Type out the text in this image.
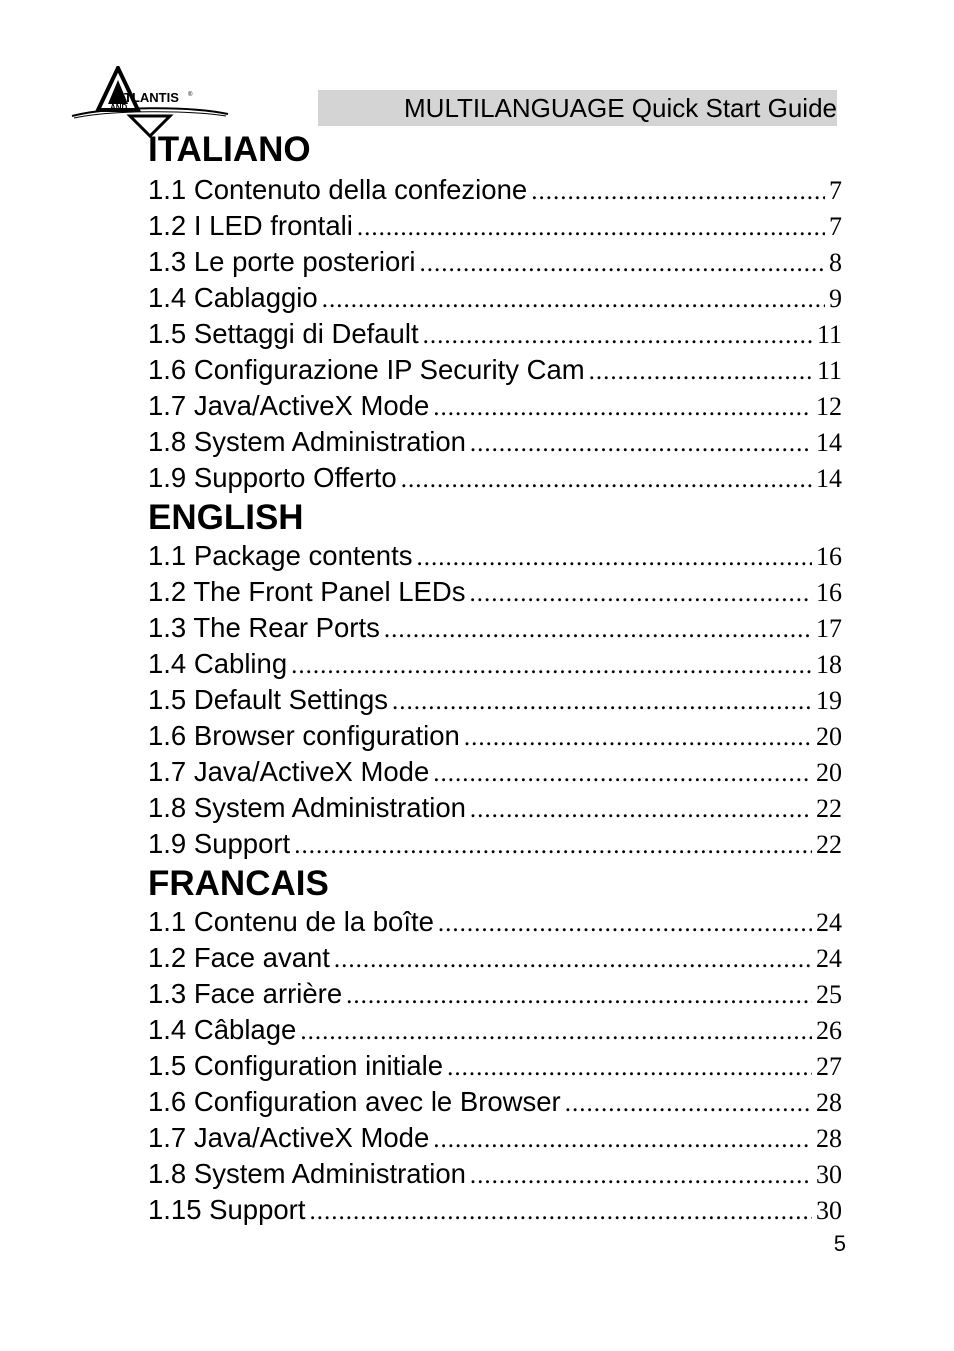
TLANTIS ®
AND	MULTILANGUAGE Quick Start Guide
ITALIANO
1.1 Contenuto della confezione .....	7
1.2 I LED frontali .....	7
1.3 Le porte posteriori .....	8
1.4 Cablaggio .....	9
1.5 Settaggi di Default .....	11
1.6 Configurazione IP Security Cam .....	11
1.7 Java/ActiveX Mode .....	12
1.8 System Administration .....	14
1.9 Supporto Offerto .....	14
ENGLISH
1.1 Package contents .....	16
1.2 The Front Panel LEDs .....	16
1.3 The Rear Ports .....	17
1.4 Cabling .....	18
1.5 Default Settings .....	19
1.6 Browser configuration .....	20
1.7 Java/ActiveX Mode .....	20
1.8 System Administration .....	22
1.9 Support .....	22
FRANCAIS
1.1 Contenu de la boîte .....	24
1.2 Face avant .....	24
1.3 Face arrière .....	25
1.4 Câblage .....	26
1.5 Configuration initiale .....	27
1.6 Configuration avec le Browser .....	28
1.7 Java/ActiveX Mode .....	28
1.8 System Administration .....	30
1.15 Support .....	30
5
